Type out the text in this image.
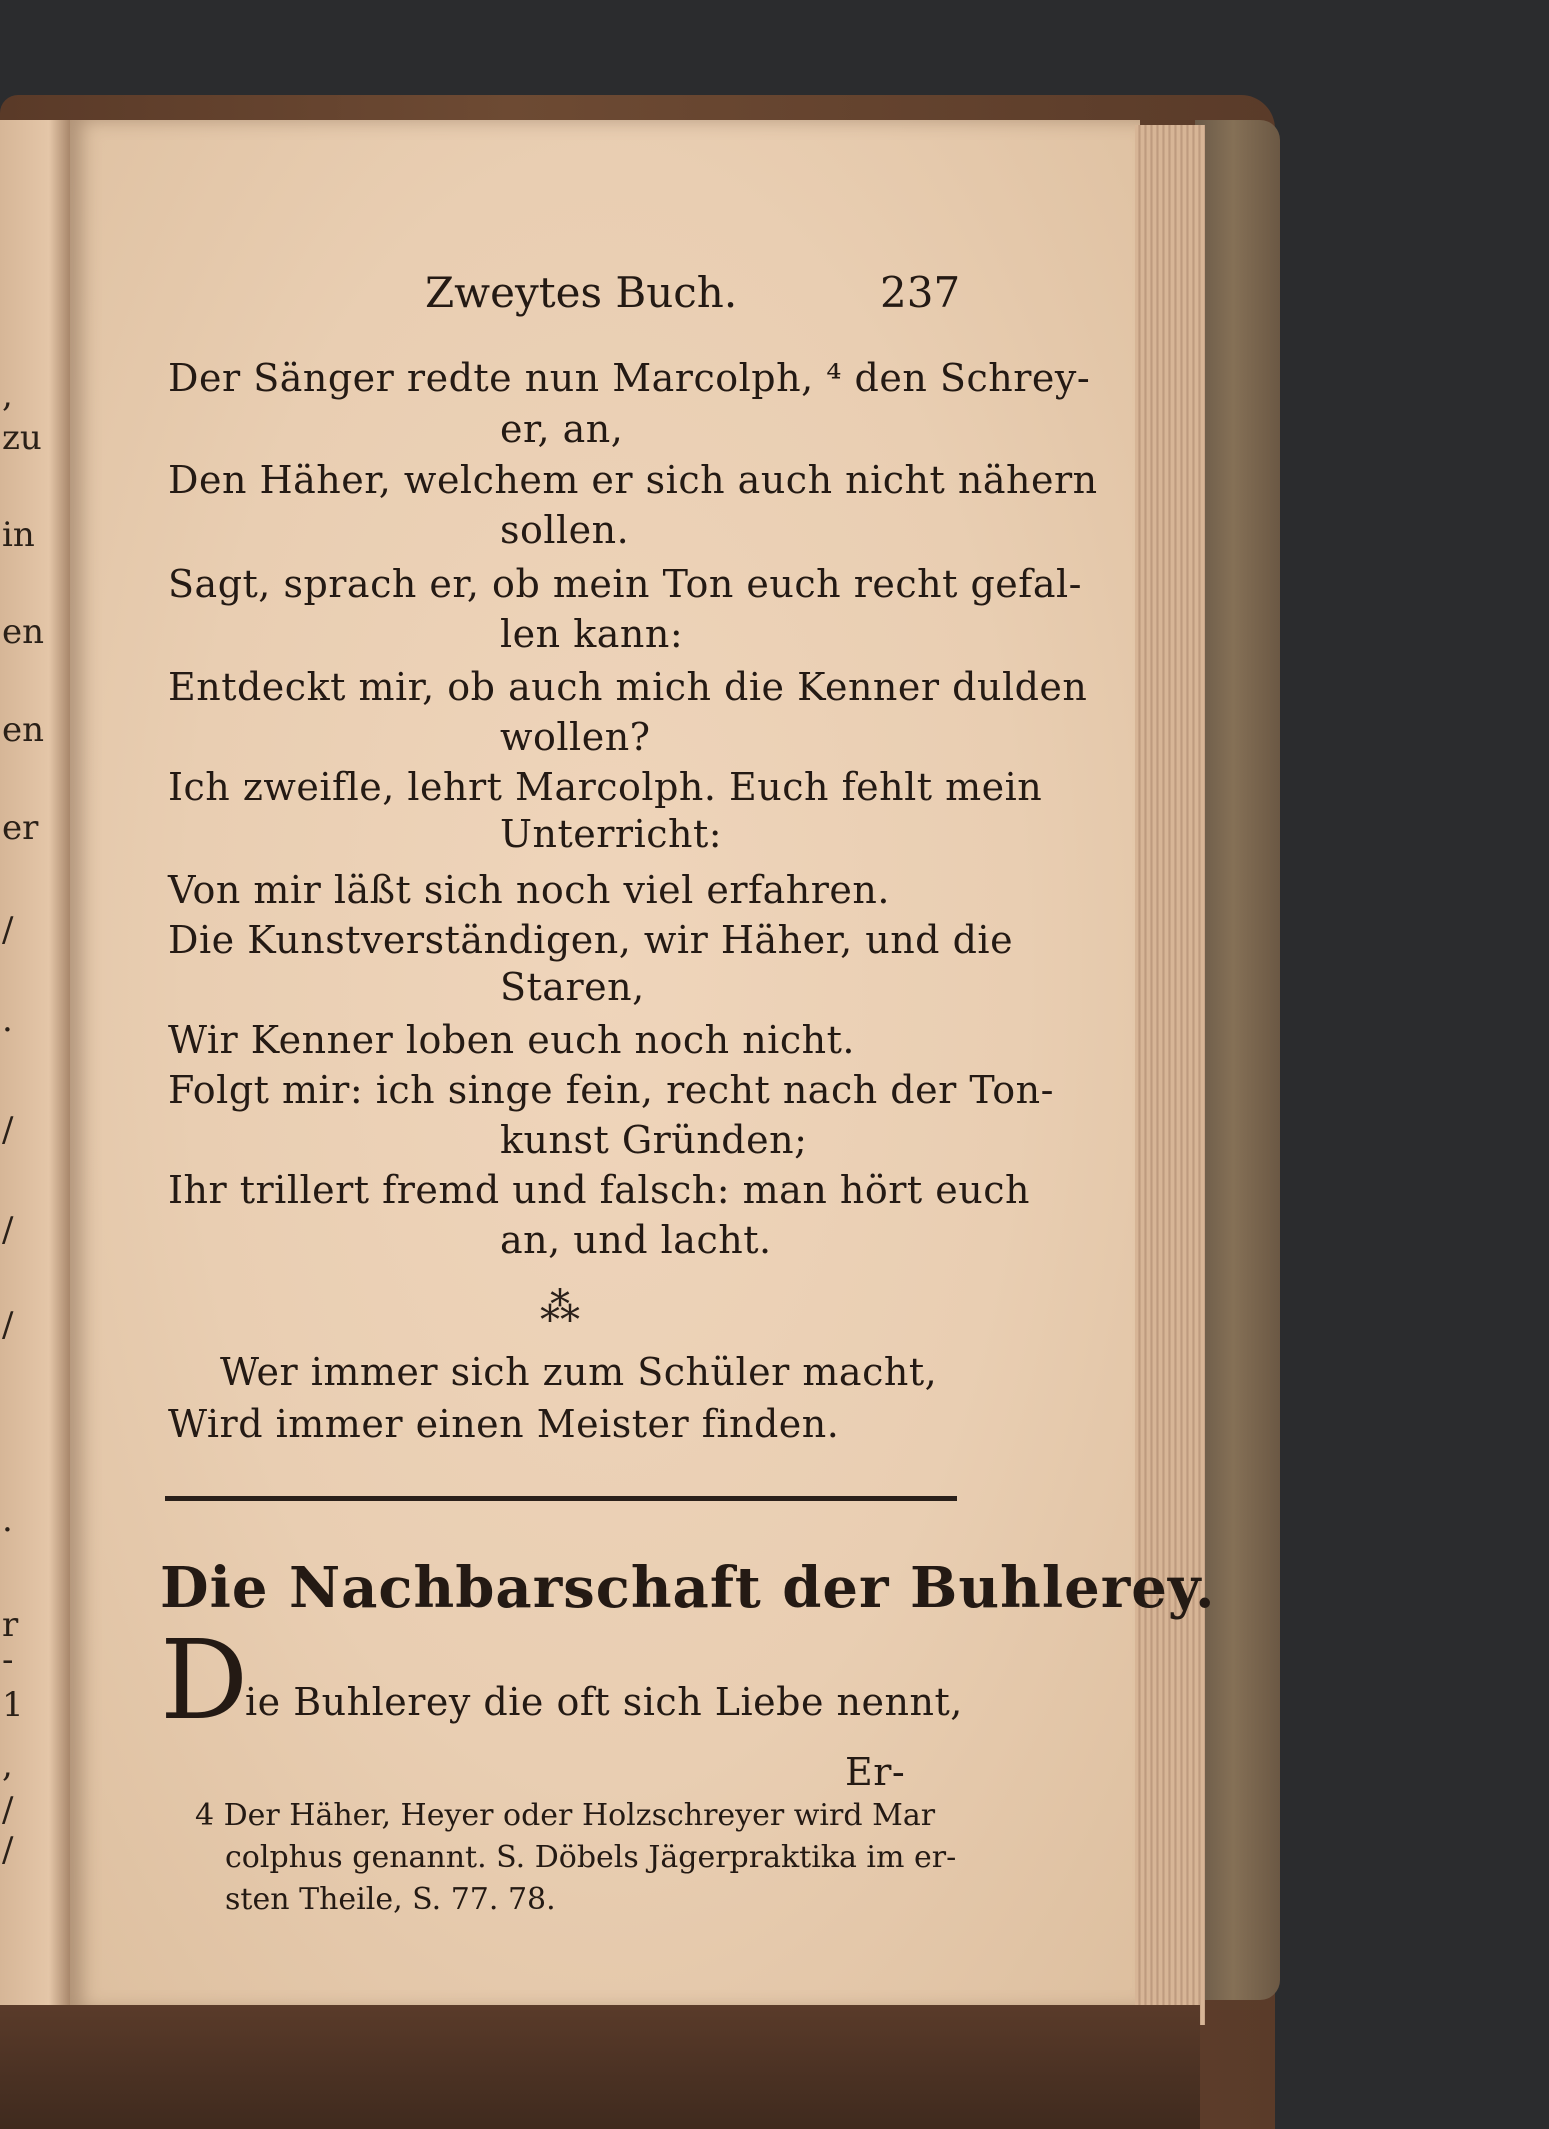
,
zu
in
en
en
er
/
.
/
/
/
.
r
-
1
,
/
/
Zweytes Buch.	237
Der Sänger redte nun Marcolph, ⁴ den Schrey-
er, an,
Den Häher, welchem er sich auch nicht nähern
sollen.
Sagt, sprach er, ob mein Ton euch recht gefal-
len kann:
Entdeckt mir, ob auch mich die Kenner dulden
wollen?
Ich zweifle, lehrt Marcolph. Euch fehlt mein
Unterricht:
Von mir läßt sich noch viel erfahren.
Die Kunstverständigen, wir Häher, und die
Staren,
Wir Kenner loben euch noch nicht.
Folgt mir: ich singe fein, recht nach der Ton-
kunst Gründen;
Ihr trillert fremd und falsch: man hört euch
an, und lacht.
⁂
Wer immer sich zum Schüler macht,
Wird immer einen Meister finden.
Die Nachbarschaft der Buhlerey.
D
ie Buhlerey die oft sich Liebe nennt,
Er-
4 Der Häher, Heyer oder Holzschreyer wird Mar
colphus genannt. S. Döbels Jägerpraktika im er-
sten Theile, S. 77. 78.
